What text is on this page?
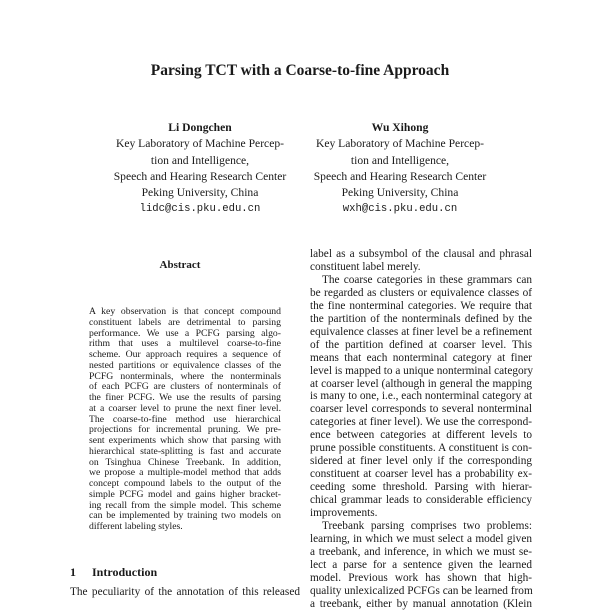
Parsing TCT with a Coarse-to-fine Approach
Li Dongchen
Key Laboratory of Machine Percep-
tion and Intelligence,
Speech and Hearing Research Center
Peking University, China
lidc@cis.pku.edu.cn
Wu Xihong
Key Laboratory of Machine Percep-
tion and Intelligence,
Speech and Hearing Research Center
Peking University, China
wxh@cis.pku.edu.cn
Abstract
A key observation is that concept compound
constituent labels are detrimental to parsing
performance. We use a PCFG parsing algo-
rithm that uses a multilevel coarse-to-fine
scheme. Our approach requires a sequence of
nested partitions or equivalence classes of the
PCFG nonterminals, where the nonterminals
of each PCFG are clusters of nonterminals of
the finer PCFG. We use the results of parsing
at a coarser level to prune the next finer level.
The coarse-to-fine method use hierarchical
projections for incremental pruning. We pre-
sent experiments which show that parsing with
hierarchical state-splitting is fast and accurate
on Tsinghua Chinese Treebank. In addition,
we propose a multiple-model method that adds
concept compound labels to the output of the
simple PCFG model and gains higher bracket-
ing recall from the simple model. This scheme
can be implemented by training two models on
different labeling styles.
1 Introduction
The peculiarity of the annotation of this released
label as a subsymbol of the clausal and phrasal
constituent label merely.
The coarse categories in these grammars can
be regarded as clusters or equivalence classes of
the fine nonterminal categories. We require that
the partition of the nonterminals defined by the
equivalence classes at finer level be a refinement
of the partition defined at coarser level. This
means that each nonterminal category at finer
level is mapped to a unique nonterminal category
at coarser level (although in general the mapping
is many to one, i.e., each nonterminal category at
coarser level corresponds to several nonterminal
categories at finer level). We use the correspond-
ence between categories at different levels to
prune possible constituents. A constituent is con-
sidered at finer level only if the corresponding
constituent at coarser level has a probability ex-
ceeding some threshold. Parsing with hierar-
chical grammar leads to considerable efficiency
improvements.
Treebank parsing comprises two problems:
learning, in which we must select a model given
a treebank, and inference, in which we must se-
lect a parse for a sentence given the learned
model. Previous work has shown that high-
quality unlexicalized PCFGs can be learned from
a treebank, either by manual annotation (Klein
